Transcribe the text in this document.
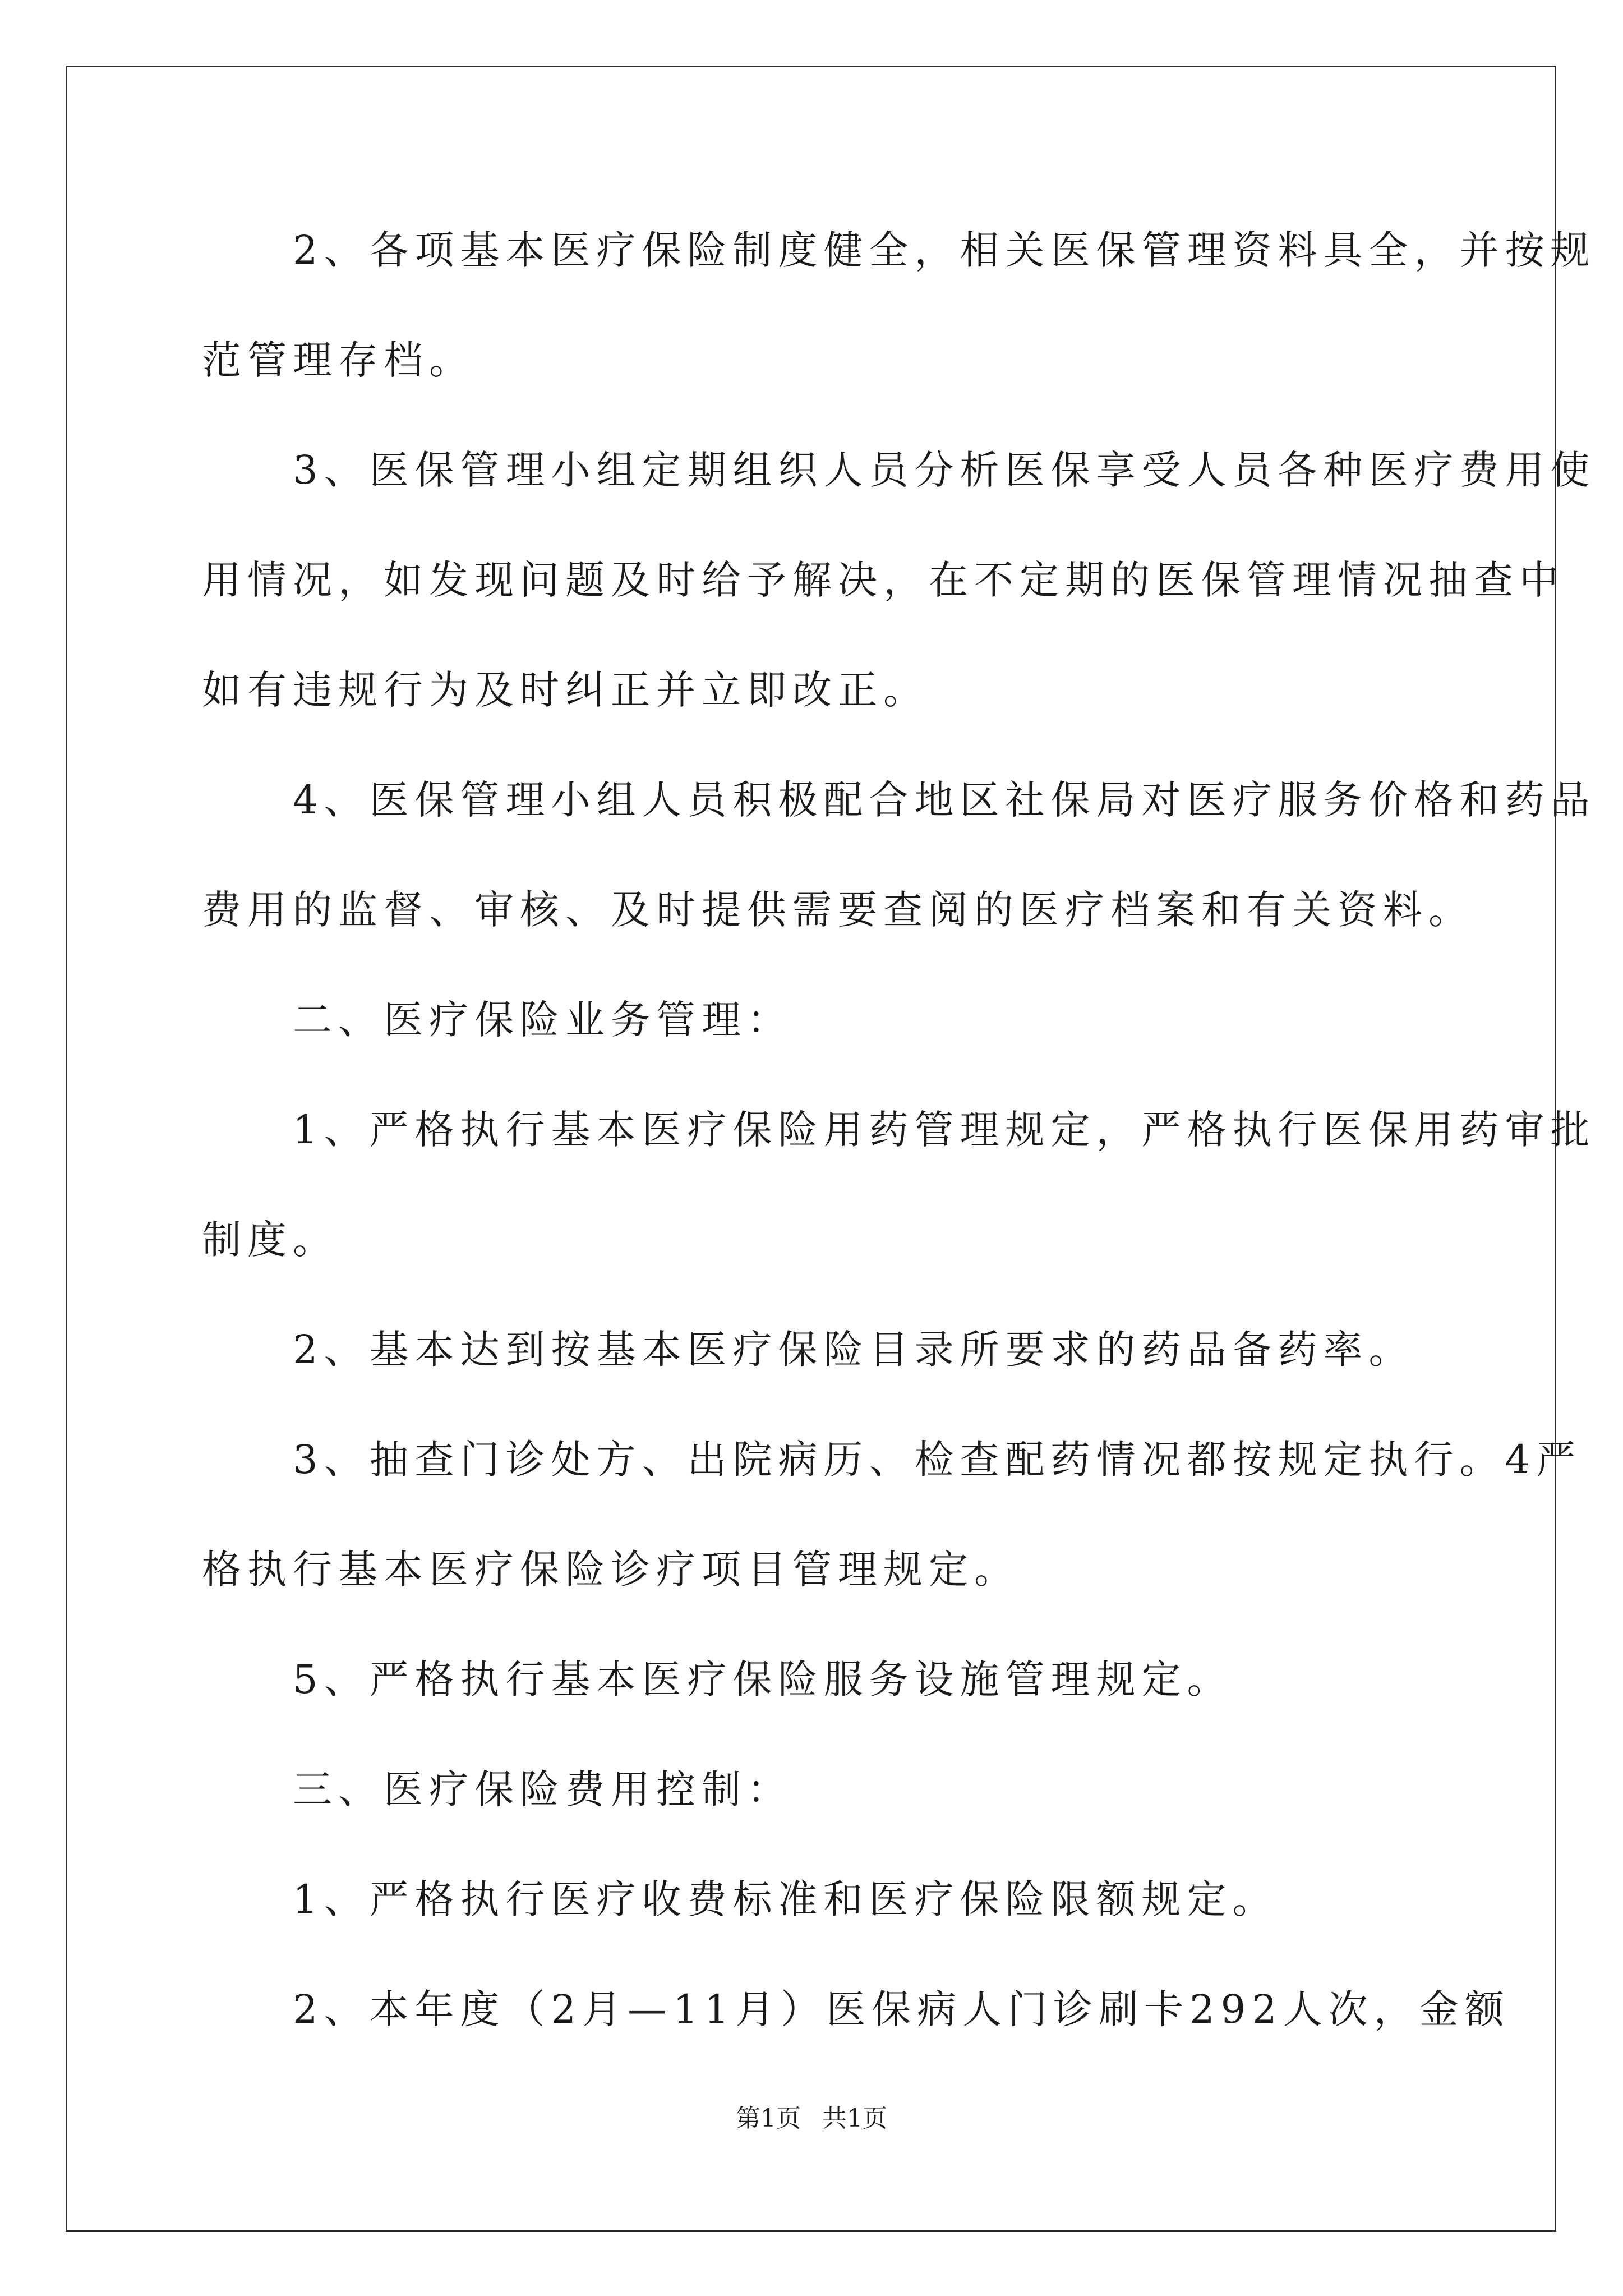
　　2、各项基本医疗保险制度健全，相关医保管理资料具全，并按规

范管理存档。

　　3、医保管理小组定期组织人员分析医保享受人员各种医疗费用使

用情况，如发现问题及时给予解决，在不定期的医保管理情况抽查中

如有违规行为及时纠正并立即改正。

　　4、医保管理小组人员积极配合地区社保局对医疗服务价格和药品

费用的监督、审核、及时提供需要查阅的医疗档案和有关资料。

　　二、医疗保险业务管理：

　　1、严格执行基本医疗保险用药管理规定，严格执行医保用药审批

制度。

　　2、基本达到按基本医疗保险目录所要求的药品备药率。

　　3、抽查门诊处方、出院病历、检查配药情况都按规定执行。4严

格执行基本医疗保险诊疗项目管理规定。

　　5、严格执行基本医疗保险服务设施管理规定。

　　三、医疗保险费用控制：

　　1、严格执行医疗收费标准和医疗保险限额规定。

　　2、本年度（2月—11月）医保病人门诊刷卡292人次，金额

第1页 共1页
